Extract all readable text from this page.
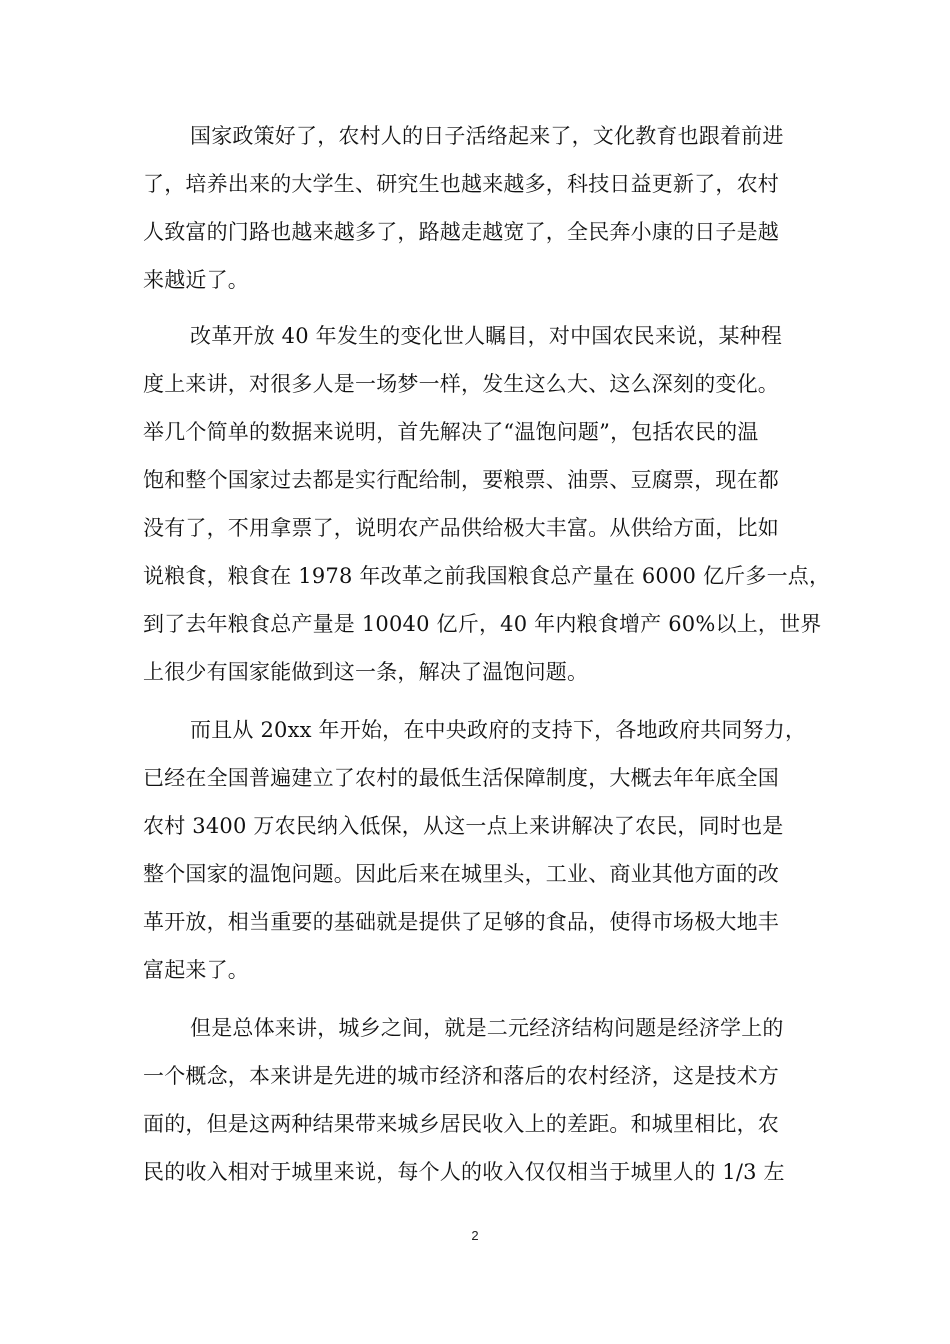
国家政策好了，农村人的日子活络起来了，文化教育也跟着前进
了，培养出来的大学生、研究生也越来越多，科技日益更新了，农村
人致富的门路也越来越多了，路越走越宽了，全民奔小康的日子是越
来越近了。
改革开放 40 年发生的变化世人瞩目，对中国农民来说，某种程
度上来讲，对很多人是一场梦一样，发生这么大、这么深刻的变化。
举几个简单的数据来说明，首先解决了“温饱问题”，包括农民的温
饱和整个国家过去都是实行配给制，要粮票、油票、豆腐票，现在都
没有了，不用拿票了，说明农产品供给极大丰富。从供给方面，比如
说粮食，粮食在 1978 年改革之前我国粮食总产量在 6000 亿斤多一点，
到了去年粮食总产量是 10040 亿斤，40 年内粮食增产 60%以上，世界
上很少有国家能做到这一条，解决了温饱问题。
而且从 20xx 年开始，在中央政府的支持下，各地政府共同努力，
已经在全国普遍建立了农村的最低生活保障制度，大概去年年底全国
农村 3400 万农民纳入低保，从这一点上来讲解决了农民，同时也是
整个国家的温饱问题。因此后来在城里头，工业、商业其他方面的改
革开放，相当重要的基础就是提供了足够的食品，使得市场极大地丰
富起来了。
但是总体来讲，城乡之间，就是二元经济结构问题是经济学上的
一个概念，本来讲是先进的城市经济和落后的农村经济，这是技术方
面的，但是这两种结果带来城乡居民收入上的差距。和城里相比，农
民的收入相对于城里来说，每个人的收入仅仅相当于城里人的 1/3 左
2
